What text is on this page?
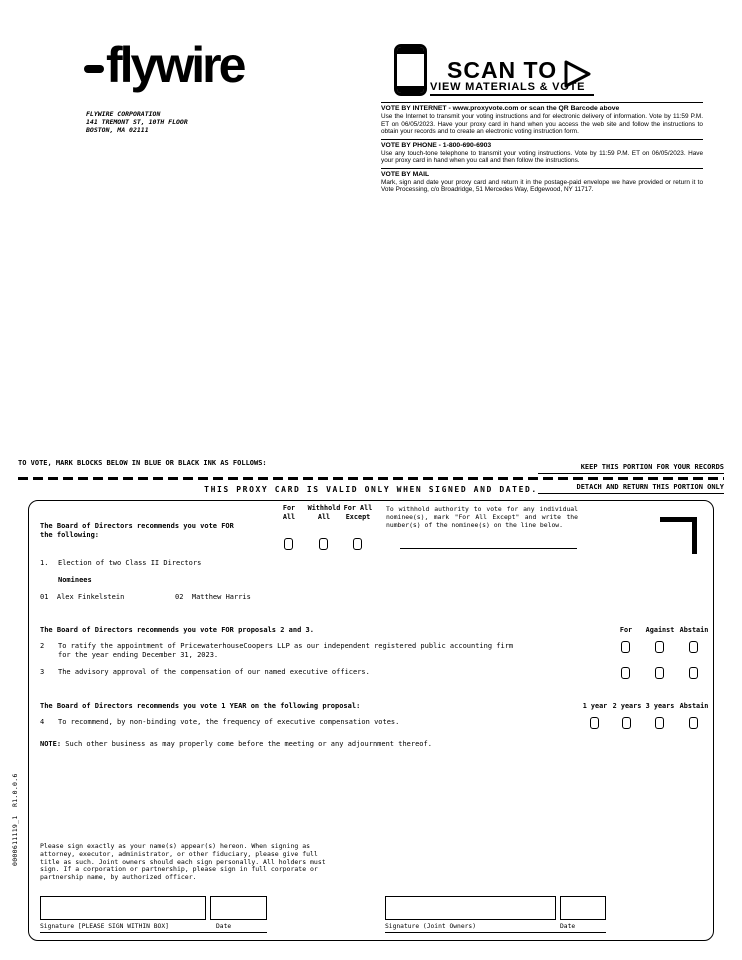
flywire
FLYWIRE CORPORATION
141 TREMONT ST, 10TH FLOOR
BOSTON, MA 02111
SCAN TO
VIEW MATERIALS & VOTE
VOTE BY INTERNET - www.proxyvote.com or scan the QR Barcode above
Use the Internet to transmit your voting instructions and for electronic delivery of information. Vote by 11:59 P.M. ET on 06/05/2023. Have your proxy card in hand when you access the web site and follow the instructions to obtain your records and to create an electronic voting instruction form.
VOTE BY PHONE - 1-800-690-6903
Use any touch-tone telephone to transmit your voting instructions. Vote by 11:59 P.M. ET on 06/05/2023. Have your proxy card in hand when you call and then follow the instructions.
VOTE BY MAIL
Mark, sign and date your proxy card and return it in the postage-paid envelope we have provided or return it to Vote Processing, c/o Broadridge, 51 Mercedes Way, Edgewood, NY 11717.
TO VOTE, MARK BLOCKS BELOW IN BLUE OR BLACK INK AS FOLLOWS:	KEEP THIS PORTION FOR YOUR RECORDS
THIS PROXY CARD IS VALID ONLY WHEN SIGNED AND DATED.	DETACH AND RETURN THIS PORTION ONLY
The Board of Directors recommends you vote FOR the following:
For
All
Withhold
All
For All
Except
To withhold authority to vote for any individual nominee(s), mark "For All Except" and write the number(s) of the nominee(s) on the line below.
1. Election of two Class II Directors
Nominees
01  Alex Finkelstein	02  Matthew Harris
The Board of Directors recommends you vote FOR proposals 2 and 3.	For	Against Abstain
2 To ratify the appointment of PricewaterhouseCoopers LLP as our independent registered public accounting firm for the year ending December 31, 2023.
3 The advisory approval of the compensation of our named executive officers.
The Board of Directors recommends you vote 1 YEAR on the following proposal:	1 year 2 years 3 years Abstain
4 To recommend, by non-binding vote, the frequency of executive compensation votes.
NOTE: Such other business as may properly come before the meeting or any adjournment thereof.
Please sign exactly as your name(s) appear(s) hereon. When signing as attorney, executor, administrator, or other fiduciary, please give full title as such. Joint owners should each sign personally. All holders must sign. If a corporation or partnership, please sign in full corporate or partnership name, by authorized officer.
Signature [PLEASE SIGN WITHIN BOX]	Date	Signature (Joint Owners)	Date
0000611119_1  R1.0.0.6
